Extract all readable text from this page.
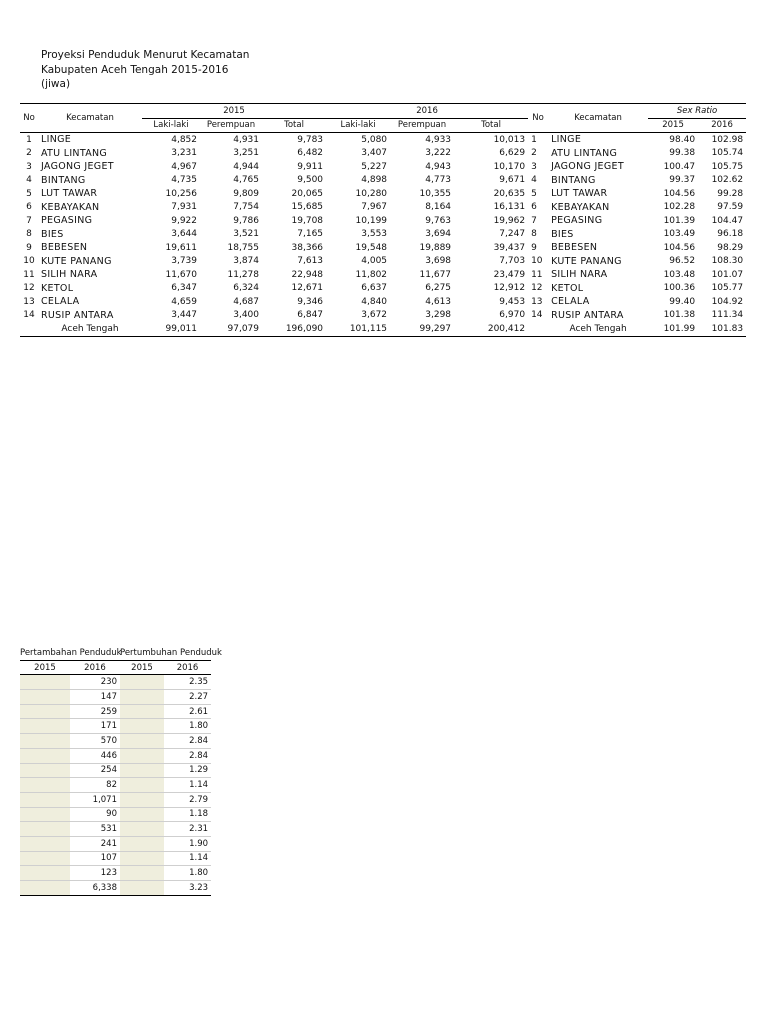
Proyeksi Penduduk Menurut Kecamatan
Kabupaten Aceh Tengah 2015-2016
(jiwa)
No	Kecamatan	2015			2016			No	Kecamatan	Sex Ratio	
		Laki-laki	Perempuan	Total	Laki-laki	Perempuan	Total			2015	2016
1	LINGE	4,852	4,931	9,783	5,080	4,933	10,013	1	LINGE	98.40	102.98
2	ATU LINTANG	3,231	3,251	6,482	3,407	3,222	6,629	2	ATU LINTANG	99.38	105.74
3	JAGONG JEGET	4,967	4,944	9,911	5,227	4,943	10,170	3	JAGONG JEGET	100.47	105.75
4	BINTANG	4,735	4,765	9,500	4,898	4,773	9,671	4	BINTANG	99.37	102.62
5	LUT TAWAR	10,256	9,809	20,065	10,280	10,355	20,635	5	LUT TAWAR	104.56	99.28
6	KEBAYAKAN	7,931	7,754	15,685	7,967	8,164	16,131	6	KEBAYAKAN	102.28	97.59
7	PEGASING	9,922	9,786	19,708	10,199	9,763	19,962	7	PEGASING	101.39	104.47
8	BIES	3,644	3,521	7,165	3,553	3,694	7,247	8	BIES	103.49	96.18
9	BEBESEN	19,611	18,755	38,366	19,548	19,889	39,437	9	BEBESEN	104.56	98.29
10	KUTE PANANG	3,739	3,874	7,613	4,005	3,698	7,703	10	KUTE PANANG	96.52	108.30
11	SILIH NARA	11,670	11,278	22,948	11,802	11,677	23,479	11	SILIH NARA	103.48	101.07
12	KETOL	6,347	6,324	12,671	6,637	6,275	12,912	12	KETOL	100.36	105.77
13	CELALA	4,659	4,687	9,346	4,840	4,613	9,453	13	CELALA	99.40	104.92
14	RUSIP ANTARA	3,447	3,400	6,847	3,672	3,298	6,970	14	RUSIP ANTARA	101.38	111.34
	Aceh Tengah	99,011	97,079	196,090	101,115	99,297	200,412		Aceh Tengah	101.99	101.83
Pertambahan Penduduk		Pertumbuhan Penduduk	
2015	2016	2015	2016
	230		2.35
	147		2.27
	259		2.61
	171		1.80
	570		2.84
	446		2.84
	254		1.29
	82		1.14
	1,071		2.79
	90		1.18
	531		2.31
	241		1.90
	107		1.14
	123		1.80
	6,338		3.23
